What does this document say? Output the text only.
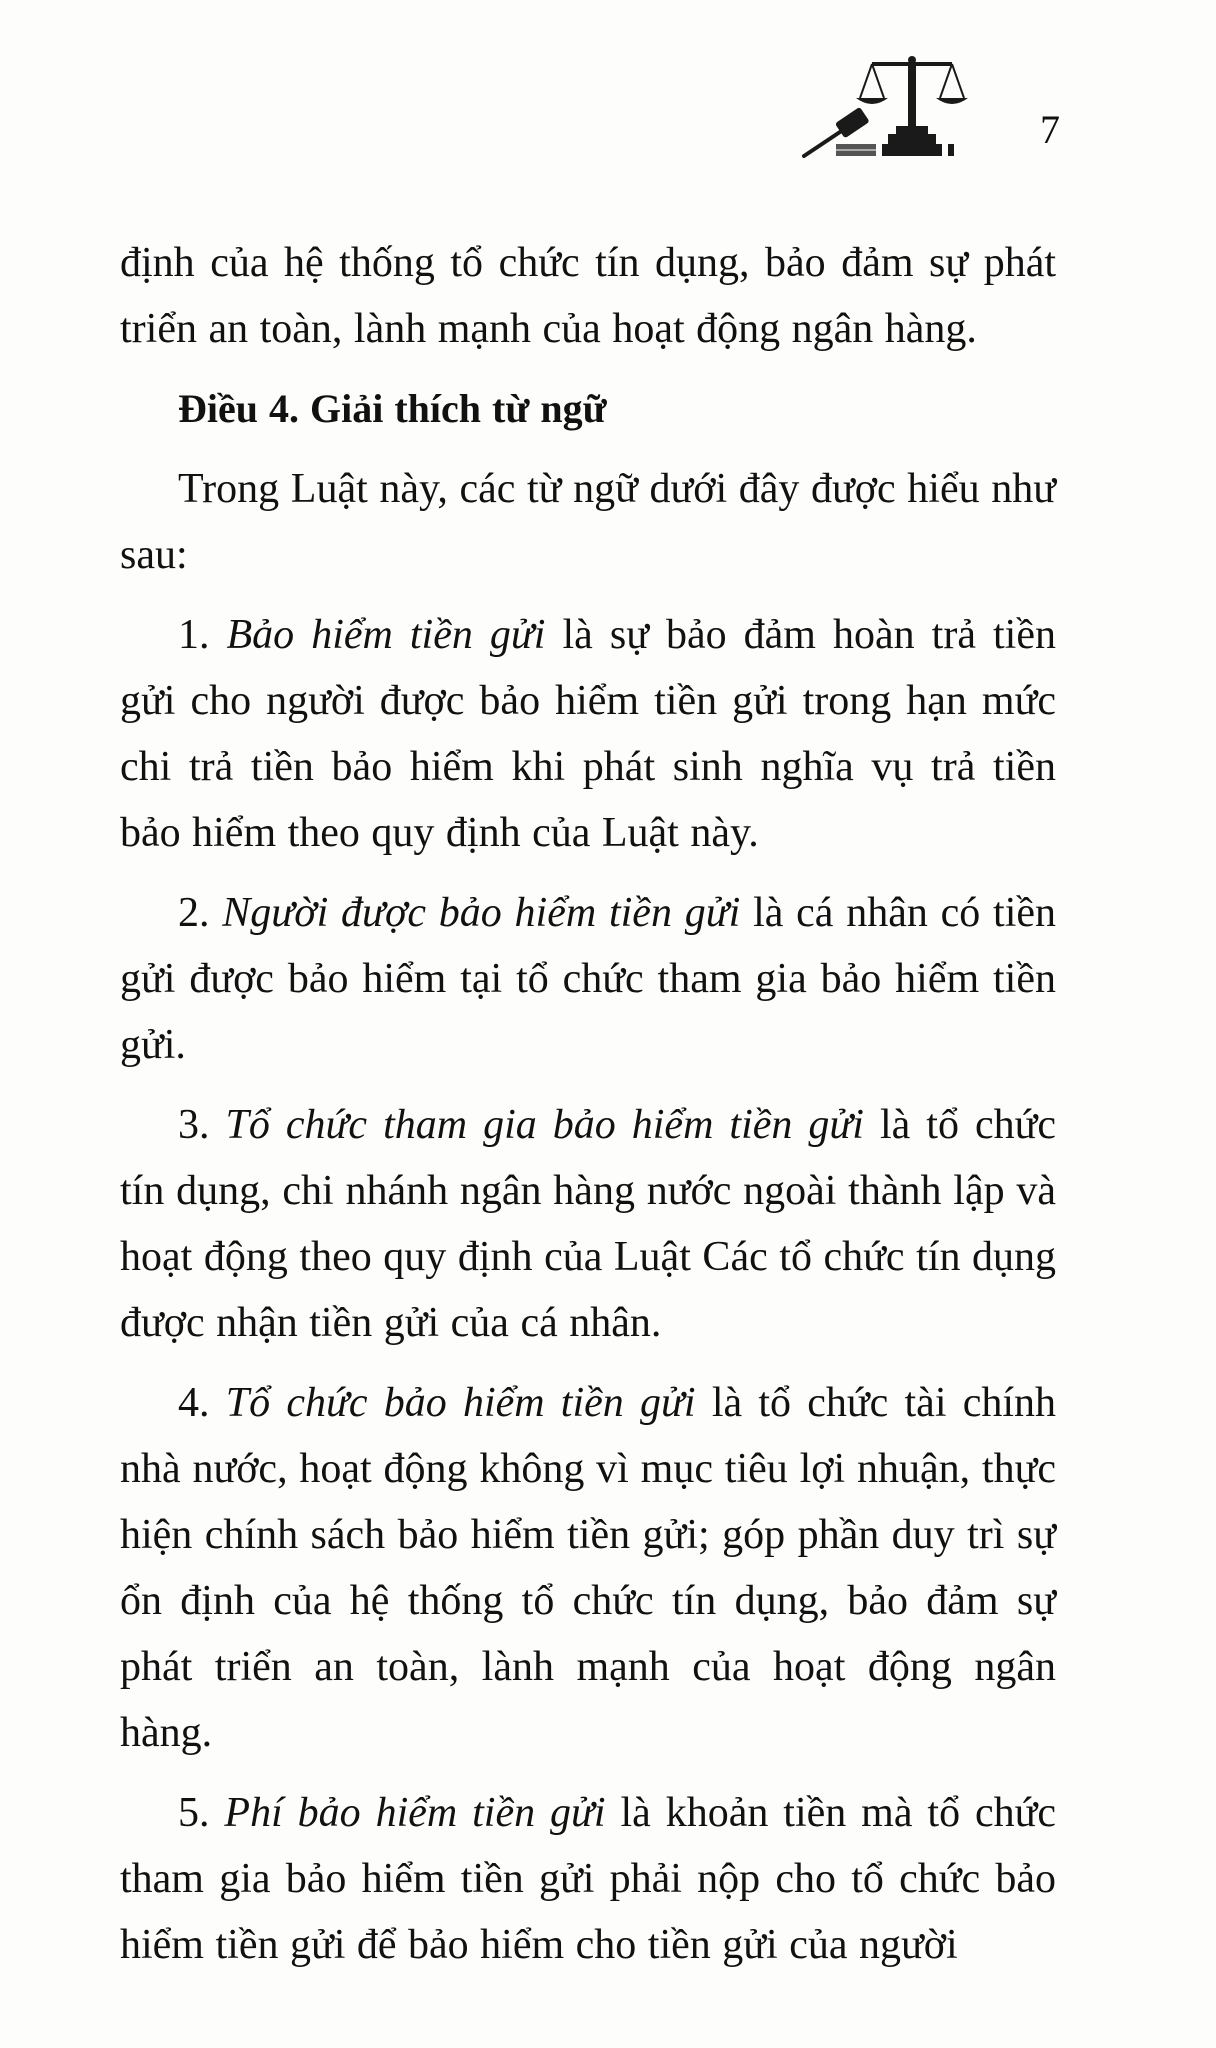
7

định của hệ thống tổ chức tín dụng, bảo đảm sự phát triển an toàn, lành mạnh của hoạt động ngân hàng.

Điều 4. Giải thích từ ngữ

Trong Luật này, các từ ngữ dưới đây được hiểu như sau:

1. Bảo hiểm tiền gửi là sự bảo đảm hoàn trả tiền gửi cho người được bảo hiểm tiền gửi trong hạn mức chi trả tiền bảo hiểm khi phát sinh nghĩa vụ trả tiền bảo hiểm theo quy định của Luật này.

2. Người được bảo hiểm tiền gửi là cá nhân có tiền gửi được bảo hiểm tại tổ chức tham gia bảo hiểm tiền gửi.

3. Tổ chức tham gia bảo hiểm tiền gửi là tổ chức tín dụng, chi nhánh ngân hàng nước ngoài thành lập và hoạt động theo quy định của Luật Các tổ chức tín dụng được nhận tiền gửi của cá nhân.

4. Tổ chức bảo hiểm tiền gửi là tổ chức tài chính nhà nước, hoạt động không vì mục tiêu lợi nhuận, thực hiện chính sách bảo hiểm tiền gửi; góp phần duy trì sự ổn định của hệ thống tổ chức tín dụng, bảo đảm sự phát triển an toàn, lành mạnh của hoạt động ngân hàng.

5. Phí bảo hiểm tiền gửi là khoản tiền mà tổ chức tham gia bảo hiểm tiền gửi phải nộp cho tổ chức bảo hiểm tiền gửi để bảo hiểm cho tiền gửi của người
